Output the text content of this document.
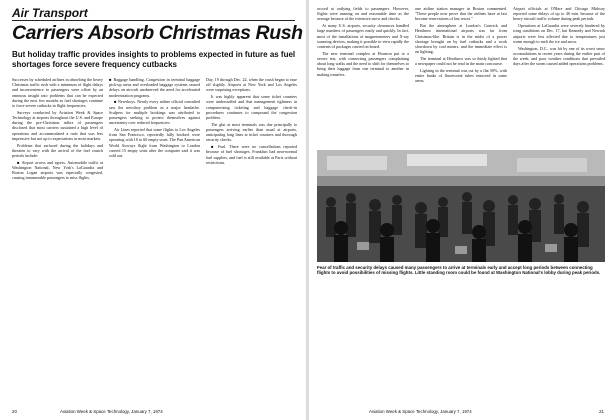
Air Transport
Carriers Absorb Christmas Rush
But holiday traffic provides insights to problems expected in future as fuel shortages force severe frequency cutbacks

Successes by scheduled airlines in absorbing the heavy Christmas traffic rush with a minimum of flight delays and inconvenience to passengers were offset by an ominous insight into problems that can be expected during the next few months as fuel shortages continue to force severe cutbacks in flight frequencies.

Surveys conducted by Aviation Week & Space Technology at airports throughout the U.S. and Europe during the pre-Christmas influx of passengers disclosed that most carriers sustained a high level of operations and accommodated a rush that was less impressive but not up to expectations in most markets.

Problems that surfaced during the holidays and threaten to vary with the arrival of the fuel crunch periods include:

■ Airport access and egress. Automobile traffic at Washington National, New York's LaGuardia and Boston Logan airports was especially congested, causing innumerable passengers to miss flights.

■ Baggage handling. Congestion in terminal baggage pick-up areas and overloaded baggage systems caused delays on aircraft unobserved the need for accelerated modernization programs.

■ Newsboys. Nearly every airline official consulted saw the newsboy problem as a major headache. Scalpers for multiple bookings was attributed to passengers seeking to protect themselves against uncertainty over reduced frequencies.

Air Lines reported that some flights to Los Angeles from San Francisco, reportedly fully booked, were operating with 10 to 60 empty seats. The Pan American World Airways flight from Washington to London carried 15 empty seats after the computer said it was sold out.

Day, 19 through Dec. 22, when the crush began to ease off slightly. Airports at New York and Los Angeles were surprising exceptions.

It was highly apparent that some ticket counters were understaffed and that management tightness in computerizing ticketing and baggage check-in procedures continues to compound the congestion problem.

The glut at most terminals was due principally to passengers arriving earlier than usual at airports, anticipating long lines at ticket counters and thorough security checks.

■ Fuel. There were no cancellations reported because of fuel shortages. Frankfurt had near-normal fuel supplies, and fuel is still available at Paris without restrictions.

Aviation Week & Space Technology, January 7, 1974
20

accord at outlying fields to passengers. However, flights were running on and reasonable time as the average because of the extensive snow and checks.

At many U.S. airports, security clearances handled large numbers of passengers easily and quickly. In fact, most of the installations of magnetometers and X-ray scanning devices, making it possible to view rapidly the contents of packages carried on board.

The new terminal complex at Houston put to a severe test, with connecting passengers complaining about long walks and the need to shift for themselves to bring their luggage from one terminal to another in making transfers.

one airline station manager in Boston commented. "These people now prove that the airlines have at last become reservations of last resort."

But the atmosphere at London's Gatwick and Heathrow international airports was far from Christmas-like. Britain is in the midst of a power shortage brought on by fuel cutbacks and a work slowdown by coal miners, and the immediate effect is on lighting.

The terminal at Heathrow was so thinly lighted that a newspaper could not be read in the main concourse.

Lighting in the terminal was cut by a flat 50%, with entire banks of fluorescent tubes removed in some areas.

Airport officials at O'Hare and Chicago Midway reported some delays of up to 40 min. because of the heavy aircraft traffic volume during peak periods.

Operations at LaGuardia were severely hindered by icing conditions on Dec. 17, but Kennedy and Newark airports were less affected due to temperatures just warm enough to melt the ice and snow.

Washington, D.C., was hit by one of its worst snow accumulations in recent years during the earlier part of the week, and poor weather conditions that prevailed days after the storm caused added operations problems.

Fear of traffic and security delays caused many passengers to arrive at terminals early and accept long periods between connecting flights to avoid possibilities of missing flights. Little standing room could be found at Washington National's lobby during peak periods.
Aviation Week & Space Technology, January 7, 1974	21
